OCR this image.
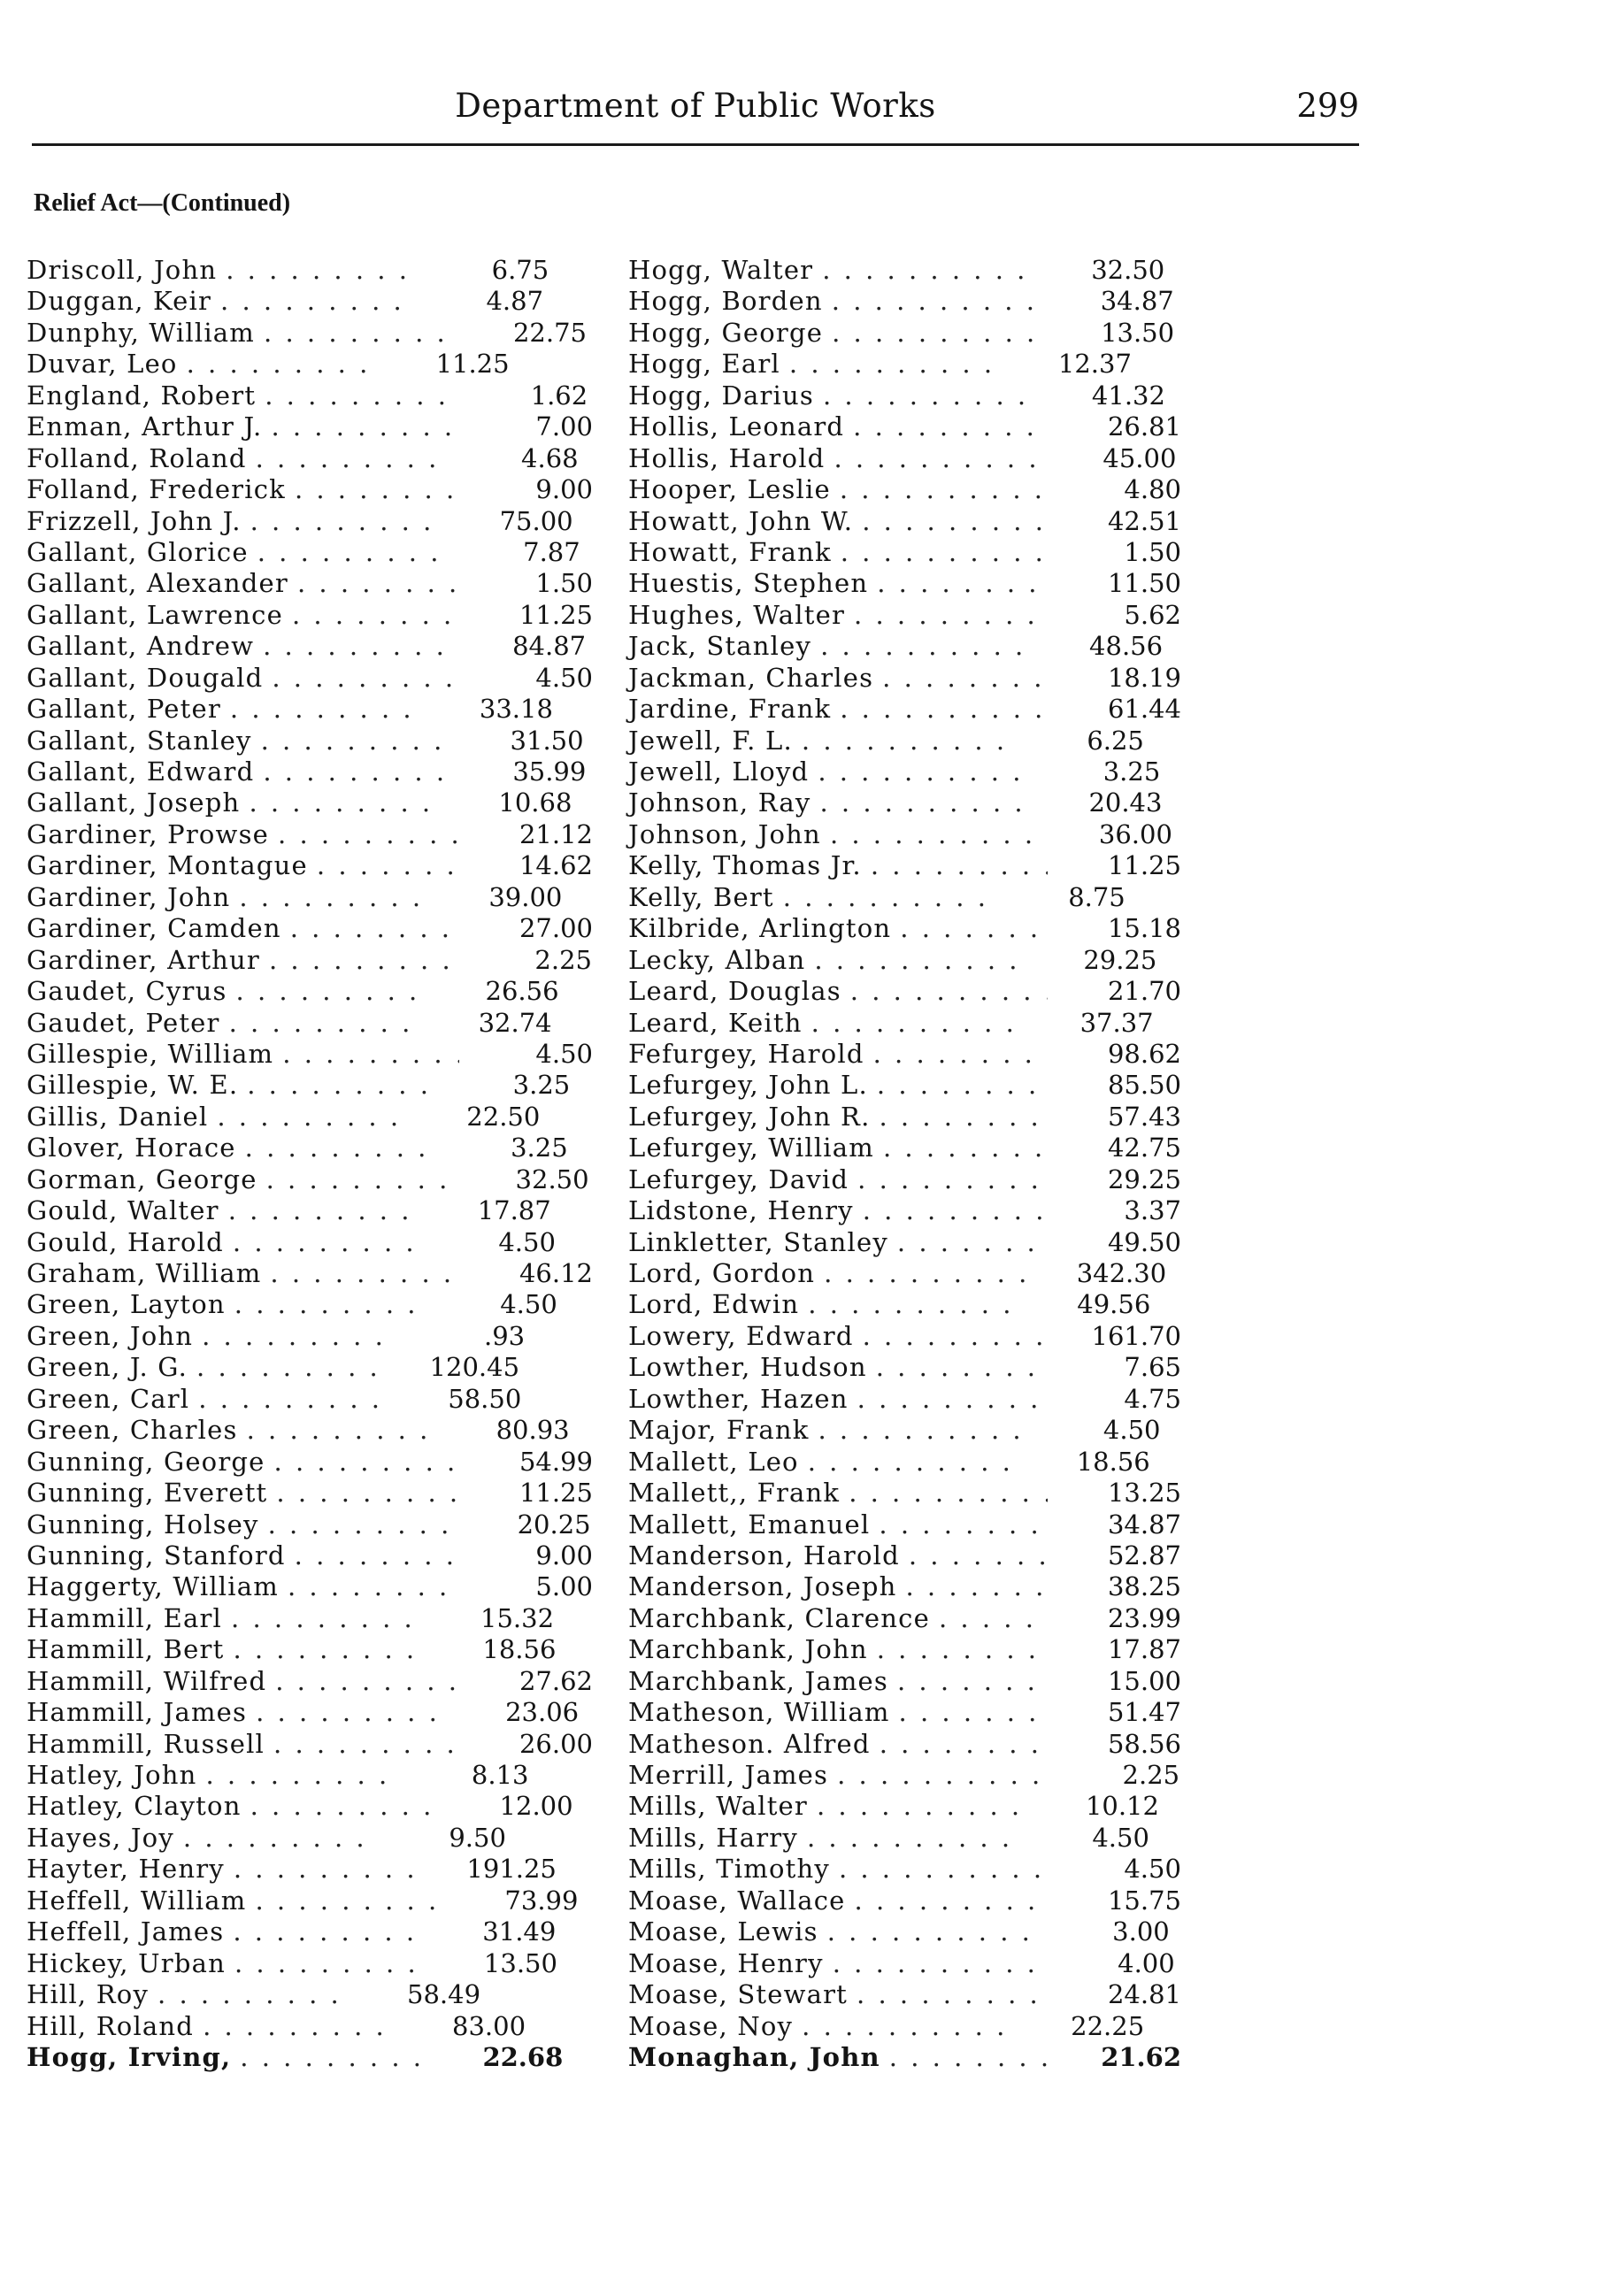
Department of Public Works	299
Relief Act—(Continued)
Driscoll, John . . .	6.75
Duggan, Keir . . .	4.87
Dunphy, William . . .	22.75
Duvar, Leo . . .	11.25
England, Robert . . .	1.62
Enman, Arthur J. . . .	7.00
Folland, Roland . . .	4.68
Folland, Frederick . . .	9.00
Frizzell, John J. . . .	75.00
Gallant, Glorice . . .	7.87
Gallant, Alexander . . .	1.50
Gallant, Lawrence . . .	11.25
Gallant, Andrew . . .	84.87
Gallant, Dougald . . .	4.50
Gallant, Peter . . .	33.18
Gallant, Stanley . . .	31.50
Gallant, Edward . . .	35.99
Gallant, Joseph . . .	10.68
Gardiner, Prowse . . .	21.12
Gardiner, Montague . . .	14.62
Gardiner, John . . .	39.00
Gardiner, Camden . . .	27.00
Gardiner, Arthur . . .	2.25
Gaudet, Cyrus . . .	26.56
Gaudet, Peter . . .	32.74
Gillespie, William . . .	4.50
Gillespie, W. E. . . .	3.25
Gillis, Daniel . . .	22.50
Glover, Horace . . .	3.25
Gorman, George . . .	32.50
Gould, Walter . . .	17.87
Gould, Harold . . .	4.50
Graham, William . . .	46.12
Green, Layton . . .	4.50
Green, John . . .	.93
Green, J. G. . . .	120.45
Green, Carl . . .	58.50
Green, Charles . . .	80.93
Gunning, George . . .	54.99
Gunning, Everett . . .	11.25
Gunning, Holsey . . .	20.25
Gunning, Stanford . . .	9.00
Haggerty, William . . .	5.00
Hammill, Earl . . .	15.32
Hammill, Bert . . .	18.56
Hammill, Wilfred . . .	27.62
Hammill, James . . .	23.06
Hammill, Russell . . .	26.00
Hatley, John . . .	8.13
Hatley, Clayton . . .	12.00
Hayes, Joy . . .	9.50
Hayter, Henry . . .	191.25
Heffell, William . . .	73.99
Heffell, James . . .	31.49
Hickey, Urban . . .	13.50
Hill, Roy . . .	58.49
Hill, Roland . . .	83.00
Hogg, Irving, . . .	22.68
Hogg, Walter . . .	32.50
Hogg, Borden . . .	34.87
Hogg, George . . .	13.50
Hogg, Earl . . .	12.37
Hogg, Darius . . .	41.32
Hollis, Leonard . . .	26.81
Hollis, Harold . . .	45.00
Hooper, Leslie . . .	4.80
Howatt, John W. . . .	42.51
Howatt, Frank . . .	1.50
Huestis, Stephen . . .	11.50
Hughes, Walter . . .	5.62
Jack, Stanley . . .	48.56
Jackman, Charles . . .	18.19
Jardine, Frank . . .	61.44
Jewell, F. L. . . .	6.25
Jewell, Lloyd . . .	3.25
Johnson, Ray . . .	20.43
Johnson, John . . .	36.00
Kelly, Thomas Jr. . . .	11.25
Kelly, Bert . . .	8.75
Kilbride, Arlington . . .	15.18
Lecky, Alban . . .	29.25
Leard, Douglas . . .	21.70
Leard, Keith . . .	37.37
Fefurgey, Harold . . .	98.62
Lefurgey, John L. . . .	85.50
Lefurgey, John R. . . .	57.43
Lefurgey, William . . .	42.75
Lefurgey, David . . .	29.25
Lidstone, Henry . . .	3.37
Linkletter, Stanley . . .	49.50
Lord, Gordon . . .	342.30
Lord, Edwin . . .	49.56
Lowery, Edward . . .	161.70
Lowther, Hudson . . .	7.65
Lowther, Hazen . . .	4.75
Major, Frank . . .	4.50
Mallett, Leo . . .	18.56
Mallett,, Frank . . .	13.25
Mallett, Emanuel . . .	34.87
Manderson, Harold . . .	52.87
Manderson, Joseph . . .	38.25
Marchbank, Clarence . . .	23.99
Marchbank, John . . .	17.87
Marchbank, James . . .	15.00
Matheson, William . . .	51.47
Matheson. Alfred . . .	58.56
Merrill, James . . .	2.25
Mills, Walter . . .	10.12
Mills, Harry . . .	4.50
Mills, Timothy . . .	4.50
Moase, Wallace . . .	15.75
Moase, Lewis . . .	3.00
Moase, Henry . . .	4.00
Moase, Stewart . . .	24.81
Moase, Noy . . .	22.25
Monaghan, John . . .	21.62
